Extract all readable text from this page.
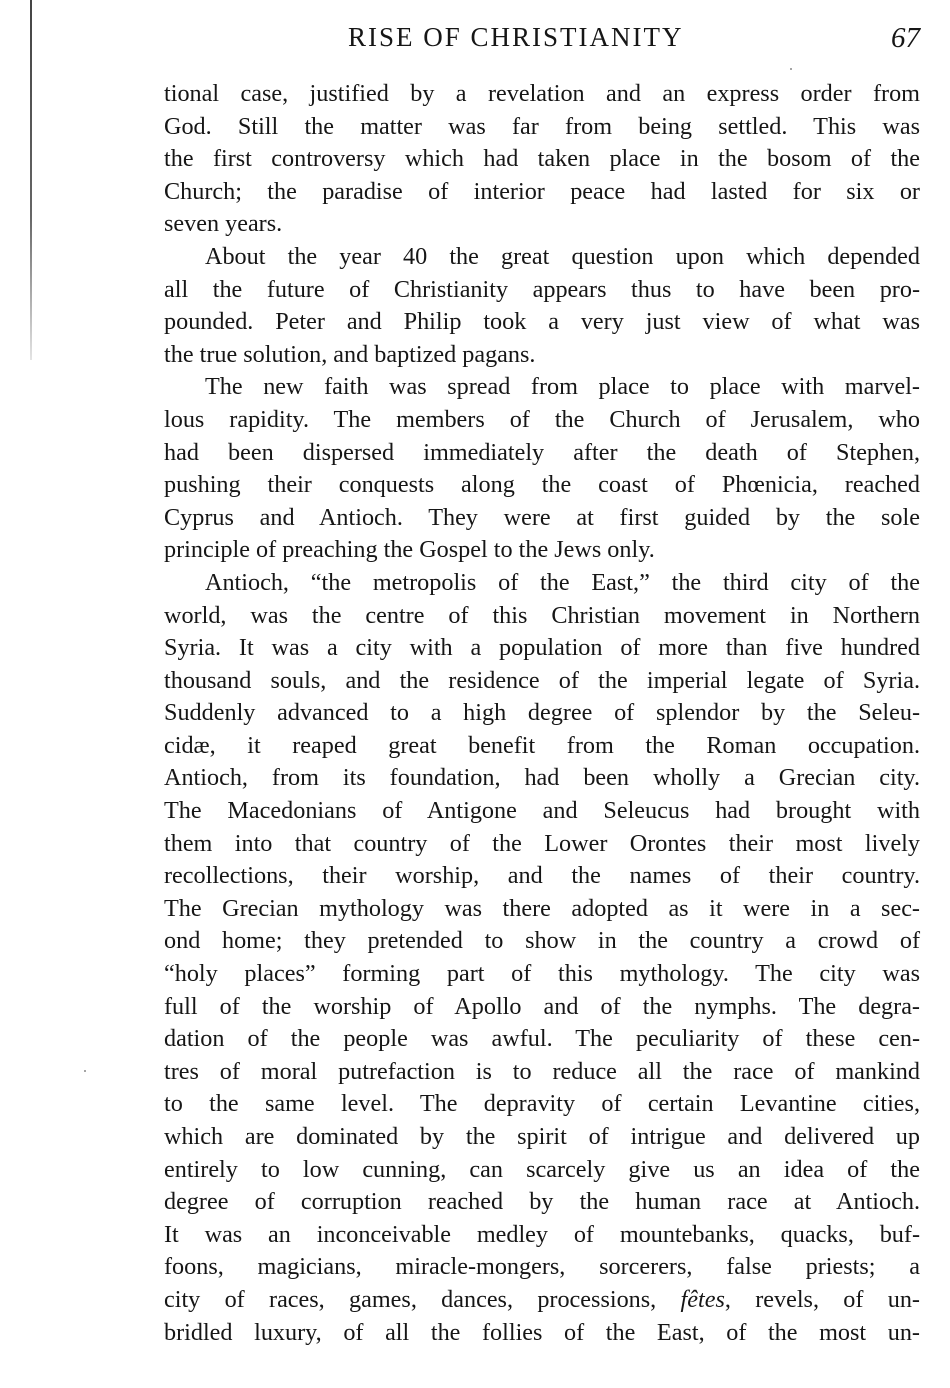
RISE OF CHRISTIANITY	67
tional case, justified by a revelation and an express order from
God. Still the matter was far from being settled. This was
the first controversy which had taken place in the bosom of the
Church; the paradise of interior peace had lasted for six or
seven years.
About the year 40 the great question upon which depended
all the future of Christianity appears thus to have been pro-
pounded. Peter and Philip took a very just view of what was
the true solution, and baptized pagans.
The new faith was spread from place to place with marvel-
lous rapidity. The members of the Church of Jerusalem, who
had been dispersed immediately after the death of Stephen,
pushing their conquests along the coast of Phœnicia, reached
Cyprus and Antioch. They were at first guided by the sole
principle of preaching the Gospel to the Jews only.
Antioch, “the metropolis of the East,” the third city of the
world, was the centre of this Christian movement in Northern
Syria. It was a city with a population of more than five hundred
thousand souls, and the residence of the imperial legate of Syria.
Suddenly advanced to a high degree of splendor by the Seleu-
cidæ, it reaped great benefit from the Roman occupation.
Antioch, from its foundation, had been wholly a Grecian city.
The Macedonians of Antigone and Seleucus had brought with
them into that country of the Lower Orontes their most lively
recollections, their worship, and the names of their country.
The Grecian mythology was there adopted as it were in a sec-
ond home; they pretended to show in the country a crowd of
“holy places” forming part of this mythology. The city was
full of the worship of Apollo and of the nymphs. The degra-
dation of the people was awful. The peculiarity of these cen-
tres of moral putrefaction is to reduce all the race of mankind
to the same level. The depravity of certain Levantine cities,
which are dominated by the spirit of intrigue and delivered up
entirely to low cunning, can scarcely give us an idea of the
degree of corruption reached by the human race at Antioch.
It was an inconceivable medley of mountebanks, quacks, buf-
foons, magicians, miracle-mongers, sorcerers, false priests; a
city of races, games, dances, processions, fêtes, revels, of un-
bridled luxury, of all the follies of the East, of the most un-
